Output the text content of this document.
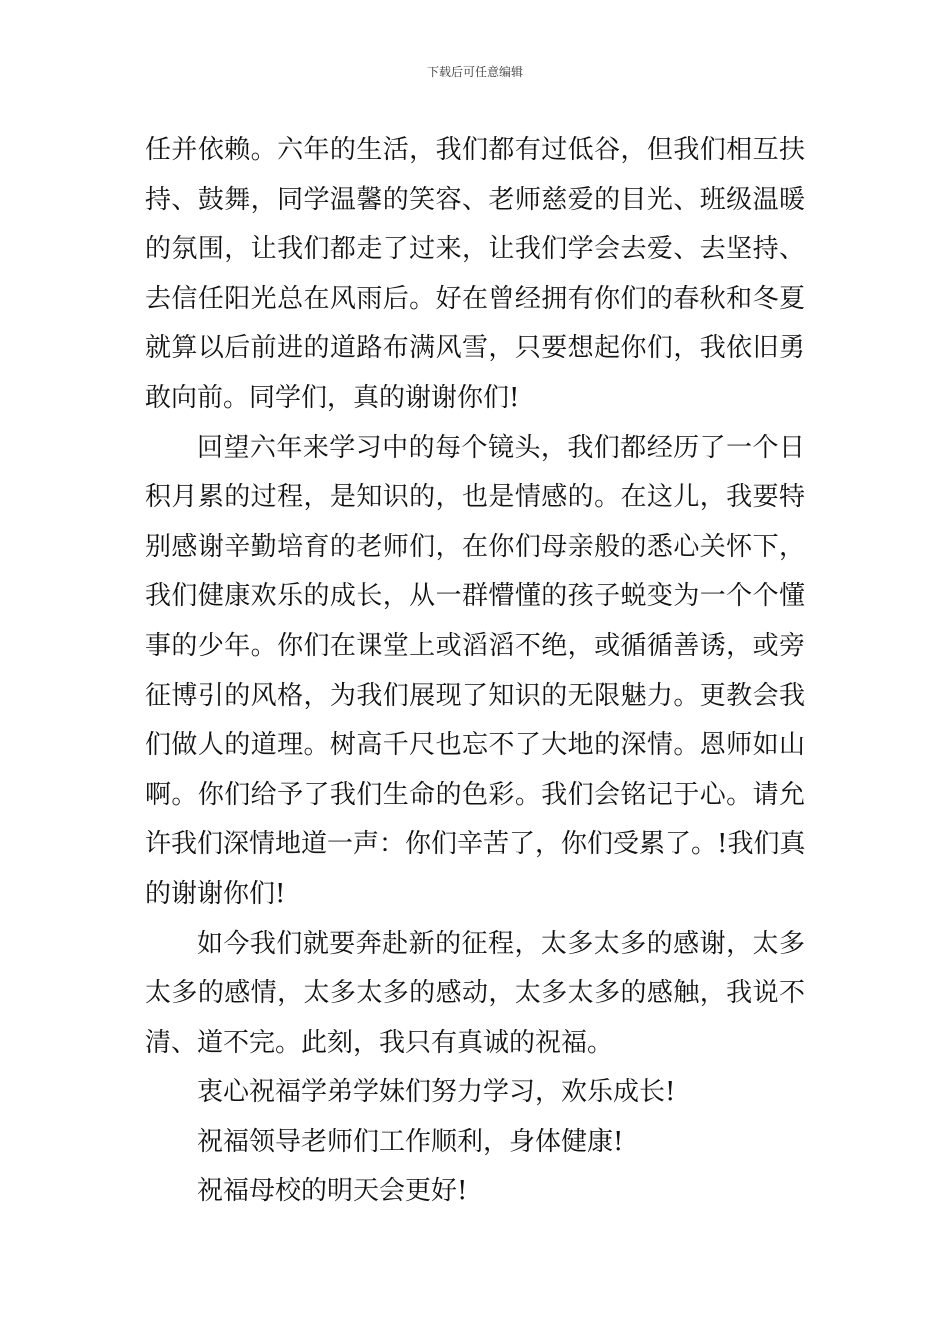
下载后可任意编辑
任并依赖。六年的生活，我们都有过低谷，但我们相互扶
持、鼓舞，同学温馨的笑容、老师慈爱的目光、班级温暖
的氛围，让我们都走了过来，让我们学会去爱、去坚持、
去信任阳光总在风雨后。好在曾经拥有你们的春秋和冬夏
就算以后前进的道路布满风雪，只要想起你们，我依旧勇
敢向前。同学们，真的谢谢你们!
回望六年来学习中的每个镜头，我们都经历了一个日
积月累的过程，是知识的，也是情感的。在这儿，我要特
别感谢辛勤培育的老师们，在你们母亲般的悉心关怀下，
我们健康欢乐的成长，从一群懵懂的孩子蜕变为一个个懂
事的少年。你们在课堂上或滔滔不绝，或循循善诱，或旁
征博引的风格，为我们展现了知识的无限魅力。更教会我
们做人的道理。树高千尺也忘不了大地的深情。恩师如山
啊。你们给予了我们生命的色彩。我们会铭记于心。请允
许我们深情地道一声：你们辛苦了，你们受累了。!我们真
的谢谢你们!
如今我们就要奔赴新的征程，太多太多的感谢，太多
太多的感情，太多太多的感动，太多太多的感触，我说不
清、道不完。此刻，我只有真诚的祝福。
衷心祝福学弟学妹们努力学习，欢乐成长!
祝福领导老师们工作顺利，身体健康!
祝福母校的明天会更好!
